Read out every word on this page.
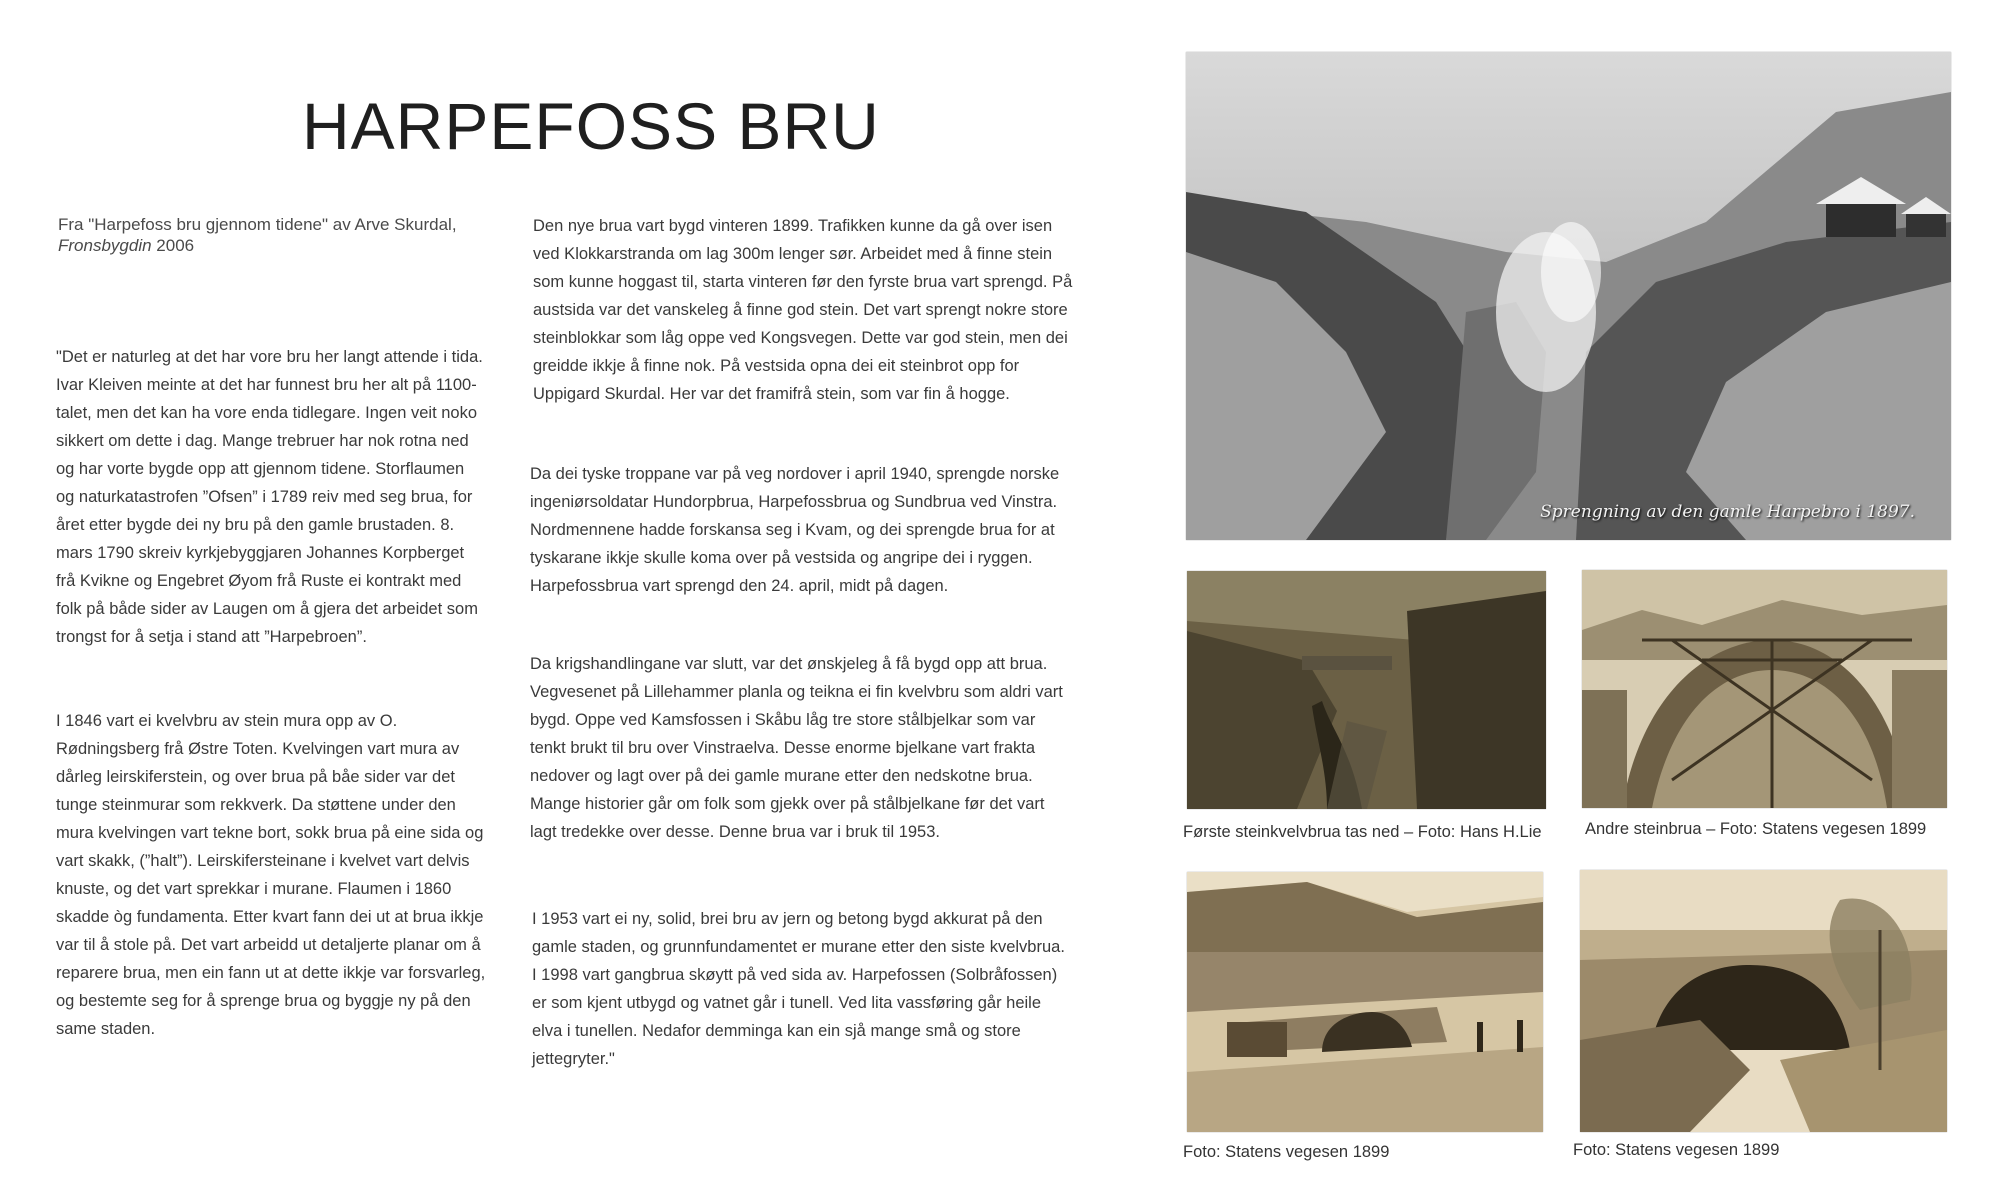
HARPEFOSS BRU
Fra "Harpefoss bru gjennom tidene" av Arve Skurdal,
Fronsbygdin 2006

"Det er naturleg at det har vore bru her langt attende i tida. Ivar Kleiven meinte at det har funnest bru her alt på 1100-talet, men det kan ha vore enda tidlegare. Ingen veit noko sikkert om dette i dag. Mange trebruer har nok rotna ned og har vorte bygde opp att gjennom tidene. Storflaumen og naturkatastrofen ”Ofsen” i 1789 reiv med seg brua, for året etter bygde dei ny bru på den gamle brustaden. 8. mars 1790 skreiv kyrkjebyggjaren Johannes Korpberget frå Kvikne og Engebret Øyom frå Ruste ei kontrakt med folk på både sider av Laugen om å gjera det arbeidet som trongst for å setja i stand att ”Harpebroen”.

I 1846 vart ei kvelvbru av stein mura opp av O. Rødningsberg frå Østre Toten. Kvelvingen vart mura av dårleg leirskiferstein, og over brua på båe sider var det tunge steinmurar som rekkverk. Da støttene under den mura kvelvingen vart tekne bort, sokk brua på eine sida og vart skakk, (”halt”). Leirskifersteinane i kvelvet vart delvis knuste, og det vart sprekkar i murane. Flaumen i 1860 skadde òg fundamenta. Etter kvart fann dei ut at brua ikkje var til å stole på. Det vart arbeidd ut detaljerte planar om å reparere brua, men ein fann ut at dette ikkje var forsvarleg, og bestemte seg for å sprenge brua og byggje ny på den same staden.

Den nye brua vart bygd vinteren 1899. Trafikken kunne da gå over isen ved Klokkarstranda om lag 300m lenger sør. Arbeidet med å finne stein som kunne hoggast til, starta vinteren før den fyrste brua vart sprengd. På austsida var det vanskeleg å finne god stein. Det vart sprengt nokre store steinblokkar som låg oppe ved Kongsvegen. Dette var god stein, men dei greidde ikkje å finne nok. På vestsida opna dei eit steinbrot opp for Uppigard Skurdal. Her var det framifrå stein, som var fin å hogge.

Da dei tyske troppane var på veg nordover i april 1940, sprengde norske ingeniørsoldatar Hundorpbrua, Harpefossbrua og Sundbrua ved Vinstra. Nordmennene hadde forskansa seg i Kvam, og dei sprengde brua for at tyskarane ikkje skulle koma over på vestsida og angripe dei i ryggen. Harpefossbrua vart sprengd den 24. april, midt på dagen.

Da krigshandlingane var slutt, var det ønskjeleg å få bygd opp att brua. Vegvesenet på Lillehammer planla og teikna ei fin kvelvbru som aldri vart bygd. Oppe ved Kamsfossen i Skåbu låg tre store stålbjelkar som var tenkt brukt til bru over Vinstraelva. Desse enorme bjelkane vart frakta nedover og lagt over på dei gamle murane etter den nedskotne brua. Mange historier går om folk som gjekk over på stålbjelkane før det vart lagt tredekke over desse. Denne brua var i bruk til 1953.

I 1953 vart ei ny, solid, brei bru av jern og betong bygd akkurat på den gamle staden, og grunnfundamentet er murane etter den siste kvelvbrua. I 1998 vart gangbrua skøytt på ved sida av. Harpefossen (Solbråfossen) er som kjent utbygd og vatnet går i tunell. Ved lita vassføring går heile elva i tunellen. Nedafor demminga kan ein sjå mange små og store jettegryter."

Sprengning av den gamle Harpebro i 1897.
Første steinkvelvbrua tas ned – Foto: Hans H.Lie	Andre steinbrua – Foto: Statens vegesen 1899
Foto: Statens vegesen 1899	Foto: Statens vegesen 1899
